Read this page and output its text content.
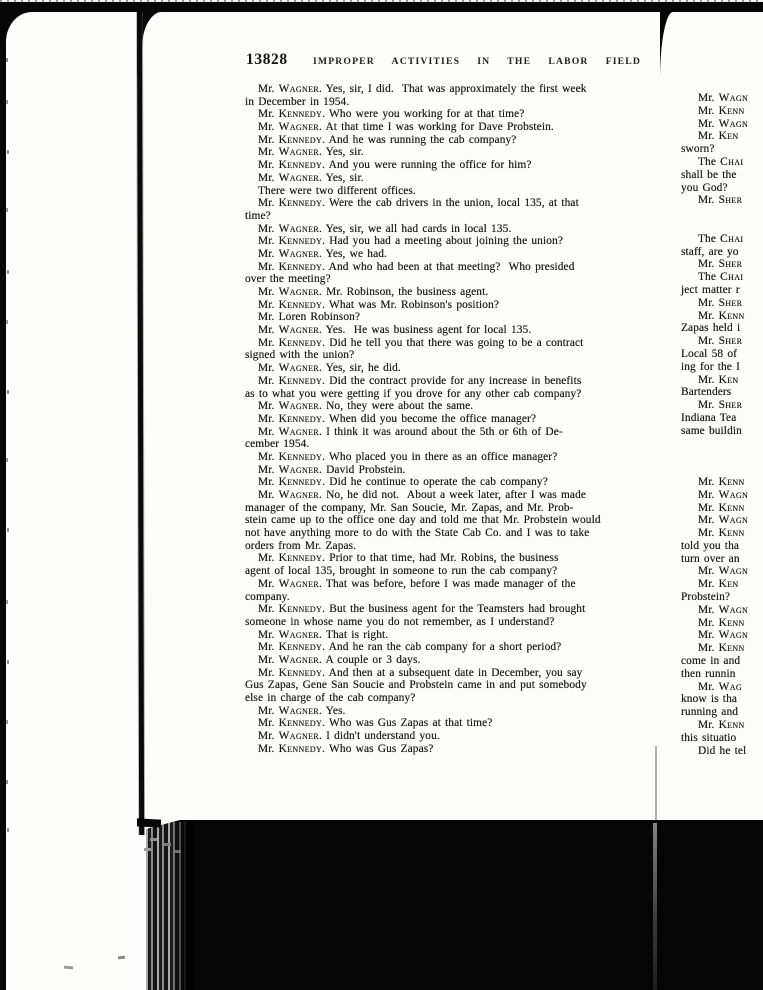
Mr. Wagn
Mr. Kenn
Mr. Wagn
Mr. Ken
sworn?
The Chai
shall be the
you God?
Mr. Sher
The Chai
staff, are yo
Mr. Sher
The Chai
ject matter r
Mr. Sher
Mr. Kenn
Zapas held i
Mr. Sher
Local 58 of
ing for the I
Mr. Ken
Bartenders
Mr. Sher
Indiana Tea
same buildin
Mr. Kenn
Mr. Wagn
Mr. Kenn
Mr. Wagn
Mr. Kenn
told you tha
turn over an
Mr. Wagn
Mr. Ken
Probstein?
Mr. Wagn
Mr. Kenn
Mr. Wagn
Mr. Kenn
come in and
then runnin
Mr. Wag
know is tha
running and
Mr. Kenn
this situatio
Did he tel
13828	IMPROPER  ACTIVITIES  IN  THE  LABOR  FIELD
Mr. Wagner. Yes, sir, I did.  That was approximately the first week
in December in 1954.
Mr. Kennedy. Who were you working for at that time?
Mr. Wagner. At that time I was working for Dave Probstein.
Mr. Kennedy. And he was running the cab company?
Mr. Wagner. Yes, sir.
Mr. Kennedy. And you were running the office for him?
Mr. Wagner. Yes, sir.
There were two different offices.
Mr. Kennedy. Were the cab drivers in the union, local 135, at that
time?
Mr. Wagner. Yes, sir, we all had cards in local 135.
Mr. Kennedy. Had you had a meeting about joining the union?
Mr. Wagner. Yes, we had.
Mr. Kennedy. And who had been at that meeting?  Who presided
over the meeting?
Mr. Wagner. Mr. Robinson, the business agent.
Mr. Kennedy. What was Mr. Robinson's position?
Mr. Loren Robinson?
Mr. Wagner. Yes.  He was business agent for local 135.
Mr. Kennedy. Did he tell you that there was going to be a contract
signed with the union?
Mr. Wagner. Yes, sir, he did.
Mr. Kennedy. Did the contract provide for any increase in benefits
as to what you were getting if you drove for any other cab company?
Mr. Wagner. No, they were about the same.
Mr. Kennedy. When did you become the office manager?
Mr. Wagner. I think it was around about the 5th or 6th of De-
cember 1954.
Mr. Kennedy. Who placed you in there as an office manager?
Mr. Wagner. David Probstein.
Mr. Kennedy. Did he continue to operate the cab company?
Mr. Wagner. No, he did not.  About a week later, after I was made
manager of the company, Mr. San Soucie, Mr. Zapas, and Mr. Prob-
stein came up to the office one day and told me that Mr. Probstein would
not have anything more to do with the State Cab Co. and I was to take
orders from Mr. Zapas.
Mr. Kennedy. Prior to that time, had Mr. Robins, the business
agent of local 135, brought in someone to run the cab company?
Mr. Wagner. That was before, before I was made manager of the
company.
Mr. Kennedy. But the business agent for the Teamsters had brought
someone in whose name you do not remember, as I understand?
Mr. Wagner. That is right.
Mr. Kennedy. And he ran the cab company for a short period?
Mr. Wagner. A couple or 3 days.
Mr. Kennedy. And then at a subsequent date in December, you say
Gus Zapas, Gene San Soucie and Probstein came in and put somebody
else in charge of the cab company?
Mr. Wagner. Yes.
Mr. Kennedy. Who was Gus Zapas at that time?
Mr. Wagner. I didn't understand you.
Mr. Kennedy. Who was Gus Zapas?
